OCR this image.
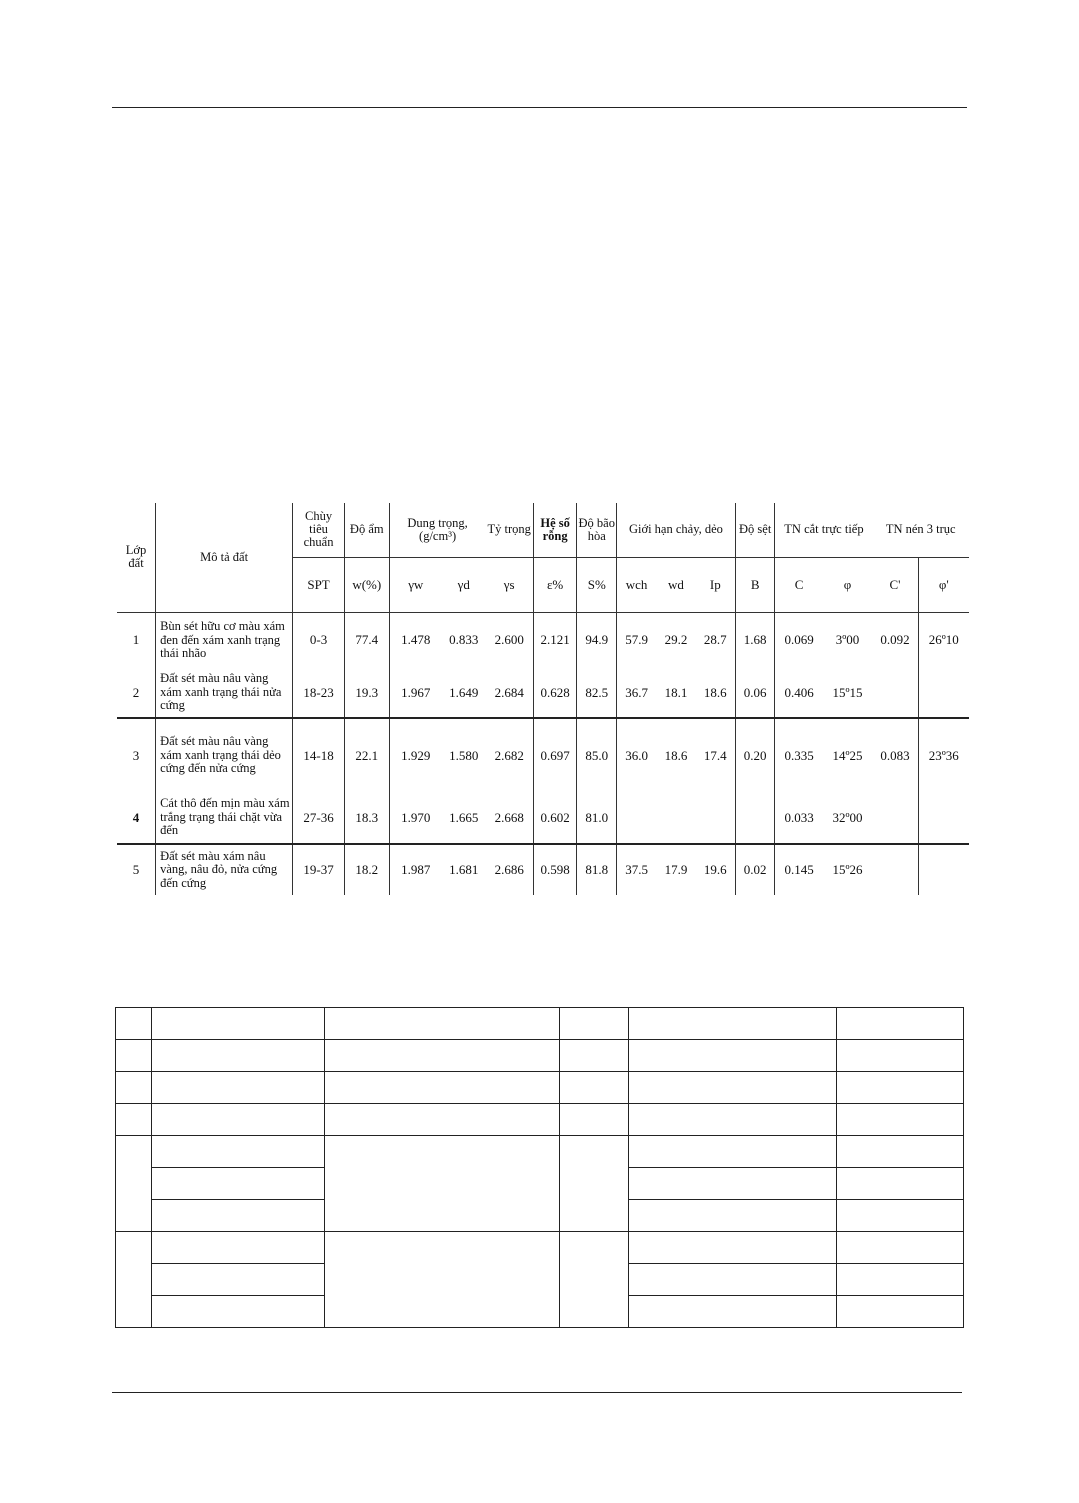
Lớp đất	Mô tả đất	Chùy tiêu chuẩn	Độ ẩm	Dung trọng, (g/cm³)		Tỷ trọng	Hệ số rỗng	Độ bão hòa	Giới hạn chảy, dẻo			Độ sệt	TN cắt trực tiếp		TN nén 3 trục	
		SPT	w(%)	γw	γd	γs	ε%	S%	wch	wd	Ip	B	C	φ	C'	φ'
1	Bùn sét hữu cơ màu xám đen đến xám xanh trạng thái nhão	0-3	77.4	1.478	0.833	2.600	2.121	94.9	57.9	29.2	28.7	1.68	0.069	3º00	0.092	26º10
2	Đất sét màu nâu vàng xám xanh trạng thái nửa cứng	18-23	19.3	1.967	1.649	2.684	0.628	82.5	36.7	18.1	18.6	0.06	0.406	15º15		
3	Đất sét màu nâu vàng xám xanh trạng thái dẻo cứng đến nửa cứng	14-18	22.1	1.929	1.580	2.682	0.697	85.0	36.0	18.6	17.4	0.20	0.335	14º25	0.083	23º36
4	Cát thô đến mịn màu xám trắng trạng thái chặt vừa đến	27-36	18.3	1.970	1.665	2.668	0.602	81.0					0.033	32º00		
5	Đất sét màu xám nâu vàng, nâu đỏ, nửa cứng đến cứng	19-37	18.2	1.987	1.681	2.686	0.598	81.8	37.5	17.9	19.6	0.02	0.145	15º26		
